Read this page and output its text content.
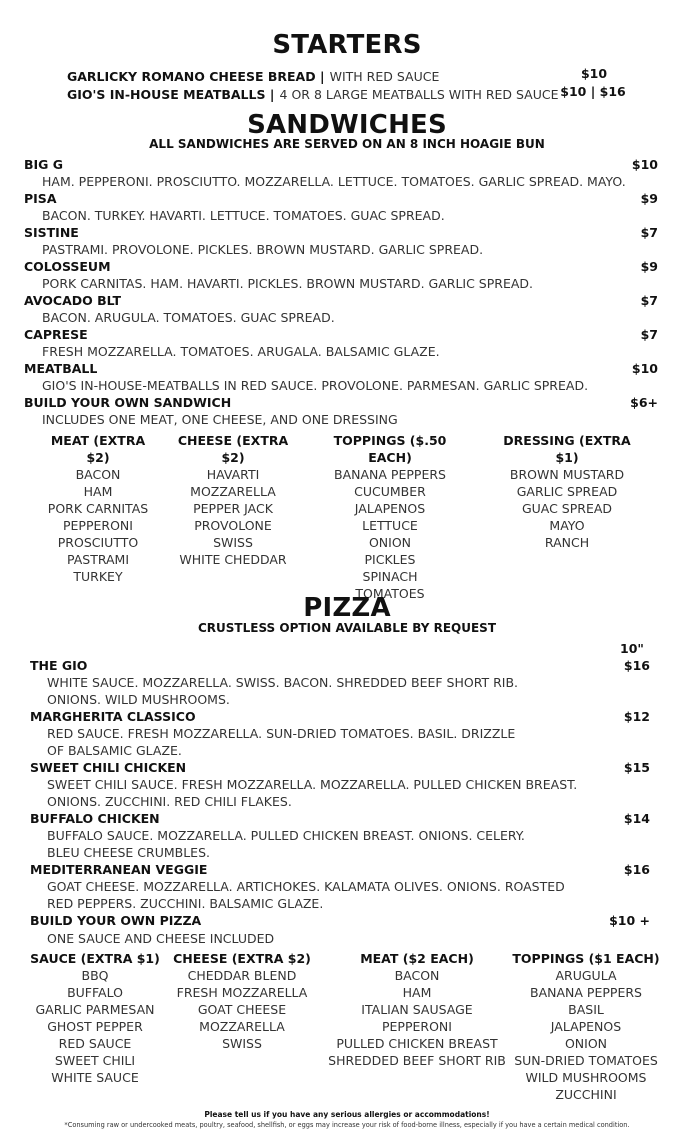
STARTERS
GARLICKY ROMANO CHEESE BREAD | WITH RED SAUCE	$10
GIO'S IN-HOUSE MEATBALLS | 4 OR 8 LARGE MEATBALLS WITH RED SAUCE $10 | $16
SANDWICHES
ALL SANDWICHES ARE SERVED ON AN 8 INCH HOAGIE BUN
BIG G	$10
HAM. PEPPERONI. PROSCIUTTO. MOZZARELLA. LETTUCE. TOMATOES. GARLIC SPREAD. MAYO.
PISA	$9
BACON. TURKEY. HAVARTI. LETTUCE. TOMATOES. GUAC SPREAD.
SISTINE	$7
PASTRAMI. PROVOLONE. PICKLES. BROWN MUSTARD. GARLIC SPREAD.
COLOSSEUM	$9
PORK CARNITAS. HAM. HAVARTI. PICKLES. BROWN MUSTARD. GARLIC SPREAD.
AVOCADO BLT	$7
BACON. ARUGULA. TOMATOES. GUAC SPREAD.
CAPRESE	$7
FRESH MOZZARELLA. TOMATOES. ARUGALA. BALSAMIC GLAZE.
MEATBALL	$10
GIO'S IN-HOUSE-MEATBALLS IN RED SAUCE. PROVOLONE. PARMESAN. GARLIC SPREAD.
BUILD YOUR OWN SANDWICH	$6+
INCLUDES ONE MEAT, ONE CHEESE, AND ONE DRESSING
MEAT (EXTRA $2)
BACON
HAM
PORK CARNITAS
PEPPERONI
PROSCIUTTO
PASTRAMI
TURKEY
CHEESE (EXTRA $2)
HAVARTI
MOZZARELLA
PEPPER JACK
PROVOLONE
SWISS
WHITE CHEDDAR
TOPPINGS ($.50 EACH)
BANANA PEPPERS
CUCUMBER
JALAPENOS
LETTUCE
ONION
PICKLES
SPINACH
TOMATOES
DRESSING (EXTRA $1)
BROWN MUSTARD
GARLIC SPREAD
GUAC SPREAD
MAYO
RANCH
PIZZA
CRUSTLESS OPTION AVAILABLE BY REQUEST
10"
THE GIO	$16
WHITE SAUCE. MOZZARELLA. SWISS. BACON. SHREDDED BEEF SHORT RIB.
ONIONS. WILD MUSHROOMS.
MARGHERITA CLASSICO	$12
RED SAUCE. FRESH MOZZARELLA. SUN-DRIED TOMATOES. BASIL. DRIZZLE
OF BALSAMIC GLAZE.
SWEET CHILI CHICKEN	$15
SWEET CHILI SAUCE. FRESH MOZZARELLA. MOZZARELLA. PULLED CHICKEN BREAST.
ONIONS. ZUCCHINI. RED CHILI FLAKES.
BUFFALO CHICKEN	$14
BUFFALO SAUCE. MOZZARELLA. PULLED CHICKEN BREAST. ONIONS. CELERY.
BLEU CHEESE CRUMBLES.
MEDITERRANEAN VEGGIE	$16
GOAT CHEESE. MOZZARELLA. ARTICHOKES. KALAMATA OLIVES. ONIONS. ROASTED
RED PEPPERS. ZUCCHINI. BALSAMIC GLAZE.
BUILD YOUR OWN PIZZA	$10 +
ONE SAUCE AND CHEESE INCLUDED
SAUCE (EXTRA $1)
BBQ
BUFFALO
GARLIC PARMESAN
GHOST PEPPER
RED SAUCE
SWEET CHILI
WHITE SAUCE
CHEESE (EXTRA $2)
CHEDDAR BLEND
FRESH MOZZARELLA
GOAT CHEESE
MOZZARELLA
SWISS
MEAT ($2 EACH)
BACON
HAM
ITALIAN SAUSAGE
PEPPERONI
PULLED CHICKEN BREAST
SHREDDED BEEF SHORT RIB
TOPPINGS ($1 EACH)
ARUGULA
BANANA PEPPERS
BASIL
JALAPENOS
ONION
SUN-DRIED TOMATOES
WILD MUSHROOMS
ZUCCHINI
Please tell us if you have any serious allergies or accommodations!
*Consuming raw or undercooked meats, poultry, seafood, shellfish, or eggs may increase your risk of food-borne illness, especially if you have a certain medical condition.
